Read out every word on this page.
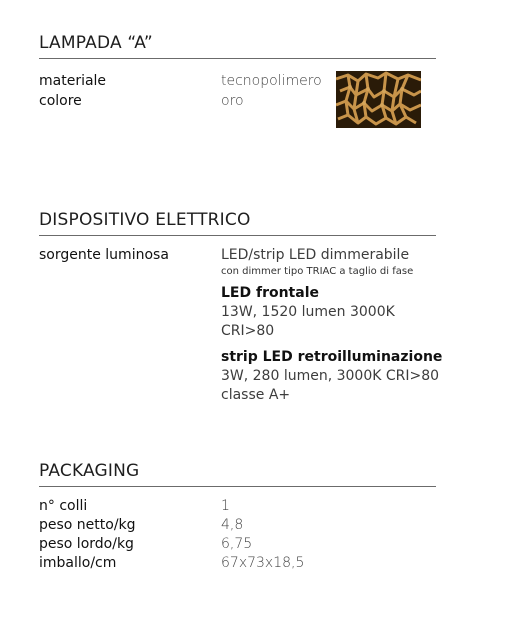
LAMPADA “A”
materiale	tecnopolimero
colore	oro
DISPOSITIVO ELETTRICO
sorgente luminosa	LED/strip LED dimmerabile
con dimmer tipo TRIAC a taglio di fase
LED frontale
13W, 1520 lumen 3000K CRI>80
strip LED retroilluminazione
3W, 280 lumen, 3000K CRI>80
classe A+
PACKAGING
n° colli	1
peso netto/kg	4,8
peso lordo/kg	6,75
imballo/cm	67x73x18,5
